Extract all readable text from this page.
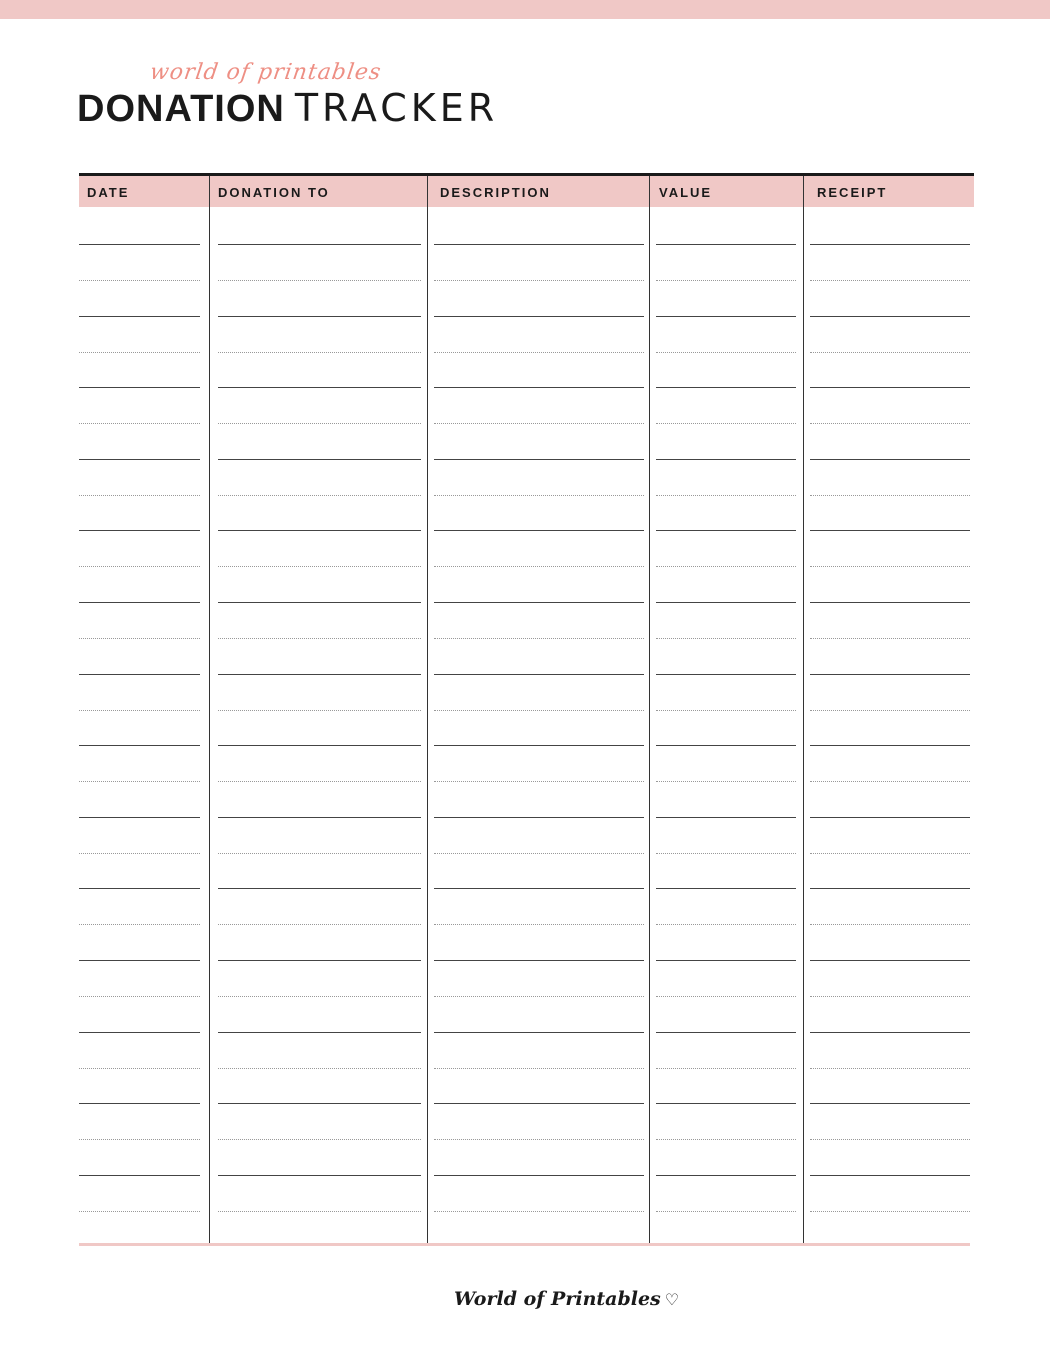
world of printables
DONATION TRACKER
DATE	DONATION TO	DESCRIPTION	VALUE	RECEIPT
World of Printables ♡
